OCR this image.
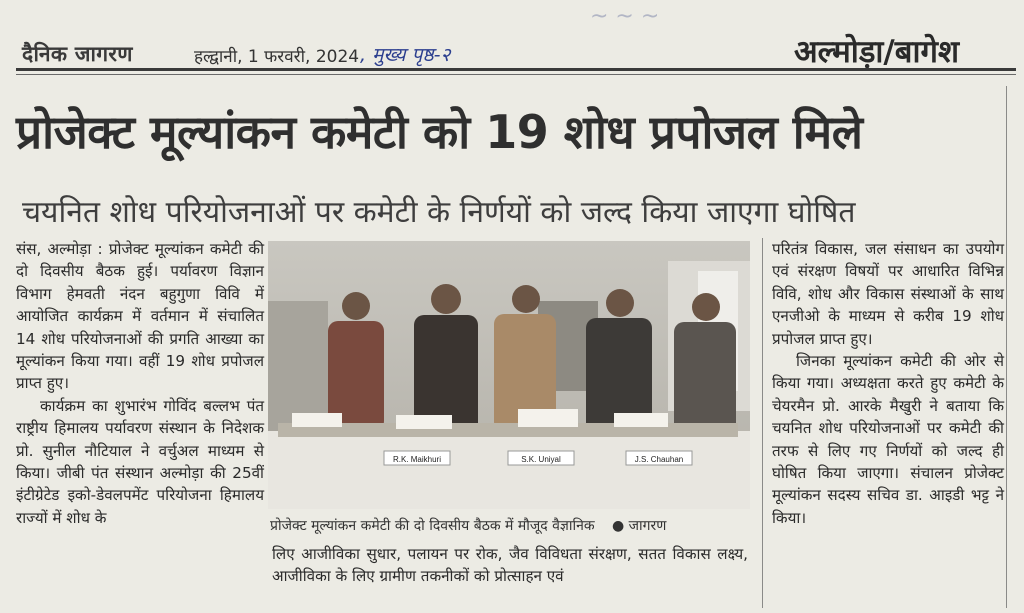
~ ~ ~
दैनिक जागरण	हल्द्वानी, 1 फरवरी, 2024 , मुख्य पृष्ठ-२	अल्मोड़ा/बागेश
प्रोजेक्ट मूल्यांकन कमेटी को 19 शोध प्रपोजल मिले
चयनित शोध परियोजनाओं पर कमेटी के निर्णयों को जल्द किया जाएगा घोषित

संस, अल्मोड़ा : प्रोजेक्ट मूल्यांकन कमेटी की दो दिवसीय बैठक हुई। पर्यावरण विज्ञान विभाग हेमवती नंदन बहुगुणा विवि में आयोजित कार्यक्रम में वर्तमान में संचालित 14 शोध परियोजनाओं की प्रगति आख्या का मूल्यांकन किया गया। वहीं 19 शोध प्रपोजल प्राप्त हुए।

कार्यक्रम का शुभारंभ गोविंद बल्लभ पंत राष्ट्रीय हिमालय पर्यावरण संस्थान के निदेशक प्रो. सुनील नौटियाल ने वर्चुअल माध्यम से किया। जीबी पंत संस्थान अल्मोड़ा की 25वीं इंटीग्रेटेड इको-डेवलपमेंट परियोजना हिमालय राज्यों में शोध के

R.K. Maikhuri	S.K. Uniyal	J.S. Chauhan
प्रोजेक्ट मूल्यांकन कमेटी की दो दिवसीय बैठक में मौजूद वैज्ञानिक ● जागरण

लिए आजीविका सुधार, पलायन पर रोक, जैव विविधता संरक्षण, सतत विकास लक्ष्य, आजीविका के लिए ग्रामीण तकनीकों को प्रोत्साहन एवं

परितंत्र विकास, जल संसाधन का उपयोग एवं संरक्षण विषयों पर आधारित विभिन्न विवि, शोध और विकास संस्थाओं के साथ एनजीओ के माध्यम से करीब 19 शोध प्रपोजल प्राप्त हुए।

जिनका मूल्यांकन कमेटी की ओर से किया गया। अध्यक्षता करते हुए कमेटी के चेयरमैन प्रो. आरके मैखुरी ने बताया कि चयनित शोध परियोजनाओं पर कमेटी की तरफ से लिए गए निर्णयों को जल्द ही घोषित किया जाएगा। संचालन प्रोजेक्ट मूल्यांकन सदस्य सचिव डा. आइडी भट्ट ने किया।
